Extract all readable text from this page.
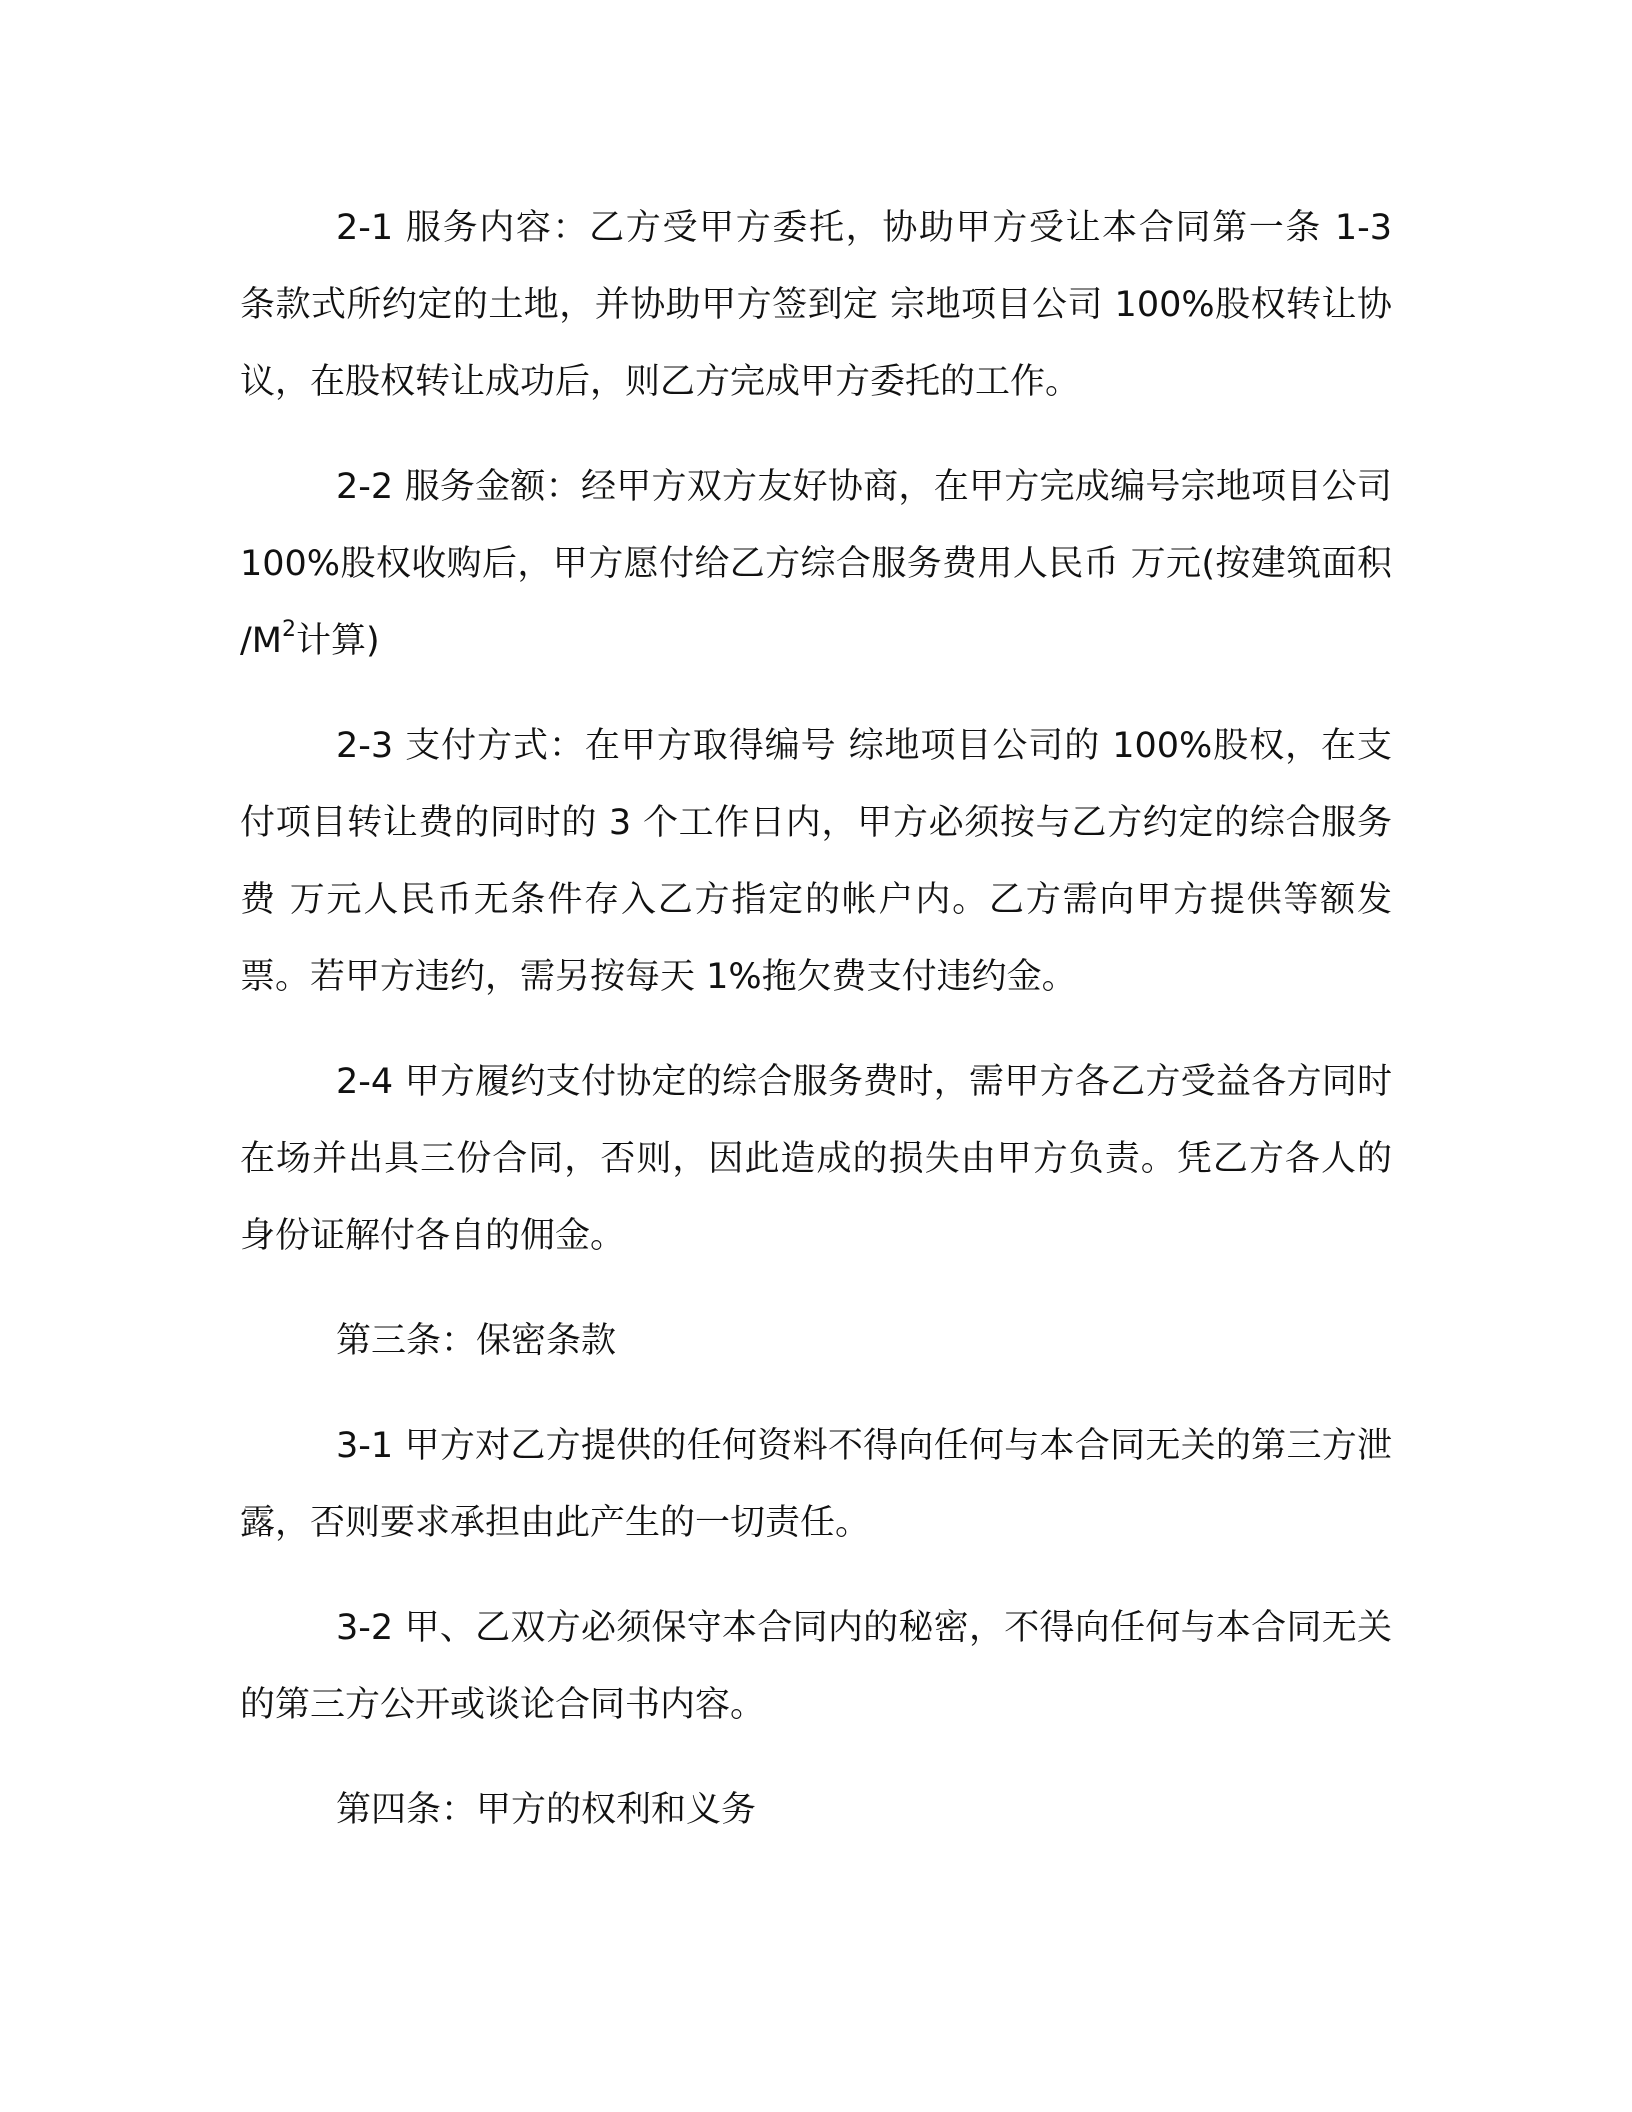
2-1 服务内容：乙方受甲方委托，协助甲方受让本合同第一条 1-3 条款式所约定的土地，并协助甲方签到定 宗地项目公司 100%股权转让协议，在股权转让成功后，则乙方完成甲方委托的工作。

2-2 服务金额：经甲方双方友好协商，在甲方完成编号宗地项目公司 100%股权收购后，甲方愿付给乙方综合服务费用人民币 万元(按建筑面积 $/M^2$计算)

2-3 支付方式：在甲方取得编号 综地项目公司的 100%股权，在支付项目转让费的同时的 3 个工作日内，甲方必须按与乙方约定的综合服务费 万元人民币无条件存入乙方指定的帐户内。乙方需向甲方提供等额发票。若甲方违约，需另按每天 1%拖欠费支付违约金。

2-4 甲方履约支付协定的综合服务费时，需甲方各乙方受益各方同时在场并出具三份合同，否则，因此造成的损失由甲方负责。凭乙方各人的身份证解付各自的佣金。

第三条：保密条款

3-1 甲方对乙方提供的任何资料不得向任何与本合同无关的第三方泄露，否则要求承担由此产生的一切责任。

3-2 甲、乙双方必须保守本合同内的秘密，不得向任何与本合同无关的第三方公开或谈论合同书内容。

第四条：甲方的权利和义务
